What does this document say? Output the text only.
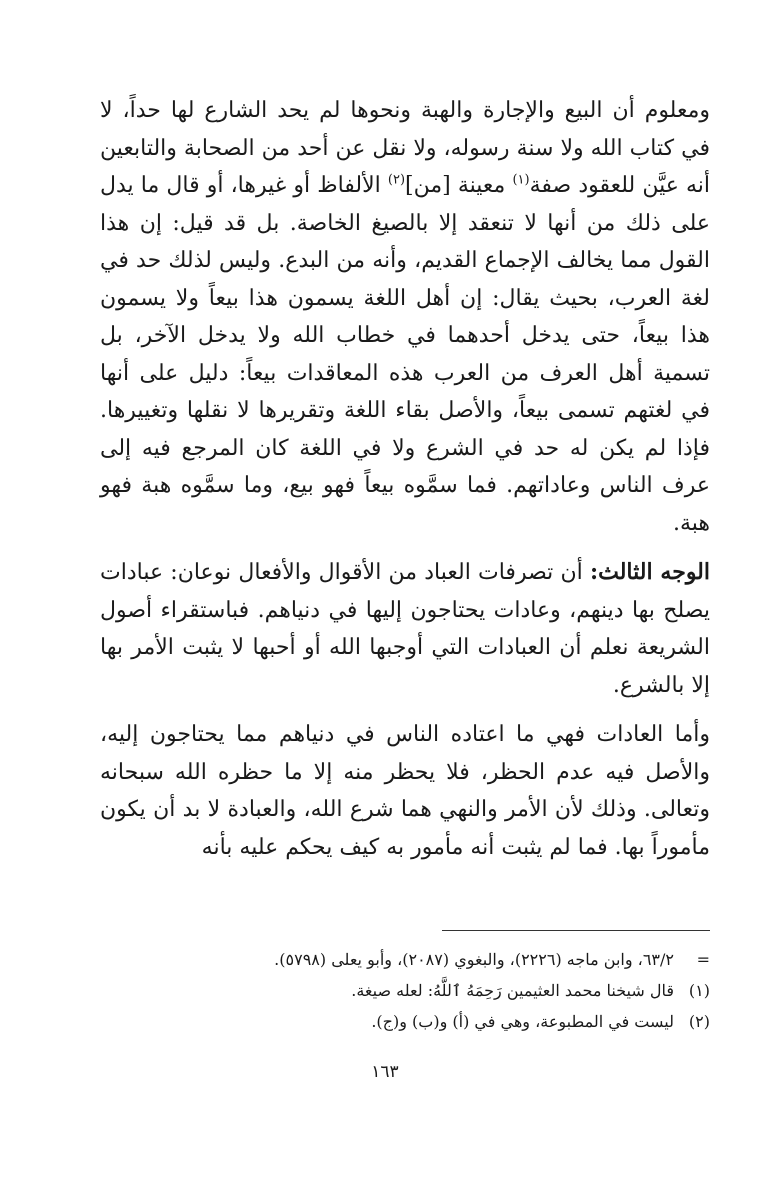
ومعلوم أن البيع والإجارة والهبة ونحوها لم يحد الشارع لها حداً، لا في كتاب الله ولا سنة رسوله، ولا نقل عن أحد من الصحابة والتابعين أنه عيَّن للعقود صفة$^{(١)}$ معينة [من]$^{(٢)}$ الألفاظ أو غيرها، أو قال ما يدل على ذلك من أنها لا تنعقد إلا بالصيغ الخاصة. بل قد قيل: إن هذا القول مما يخالف الإجماع القديم، وأنه من البدع. وليس لذلك حد في لغة العرب، بحيث يقال: إن أهل اللغة يسمون هذا بيعاً ولا يسمون هذا بيعاً، حتى يدخل أحدهما في خطاب الله ولا يدخل الآخر، بل تسمية أهل العرف من العرب هذه المعاقدات بيعاً: دليل على أنها في لغتهم تسمى بيعاً، والأصل بقاء اللغة وتقريرها لا نقلها وتغييرها. فإذا لم يكن له حد في الشرع ولا في اللغة كان المرجع فيه إلى عرف الناس وعاداتهم. فما سمَّوه بيعاً فهو بيع، وما سمَّوه هبة فهو هبة.

الوجه الثالث: أن تصرفات العباد من الأقوال والأفعال نوعان: عبادات يصلح بها دينهم، وعادات يحتاجون إليها في دنياهم. فباستقراء أصول الشريعة نعلم أن العبادات التي أوجبها الله أو أحبها لا يثبت الأمر بها إلا بالشرع.

وأما العادات فهي ما اعتاده الناس في دنياهم مما يحتاجون إليه، والأصل فيه عدم الحظر، فلا يحظر منه إلا ما حظره الله سبحانه وتعالى. وذلك لأن الأمر والنهي هما شرع الله، والعبادة لا بد أن يكون مأموراً بها. فما لم يثبت أنه مأمور به كيف يحكم عليه بأنه

=٦٣/٢، وابن ماجه (٢٢٢٦)، والبغوي (٢٠٨٧)، وأبو يعلى (٥٧٩٨).

(١)قال شيخنا محمد العثيمين رَحِمَهُ ٱللَّهُ: لعله صيغة.

(٢)ليست في المطبوعة، وهي في (أ) و(ب) و(ج).

١٦٣
